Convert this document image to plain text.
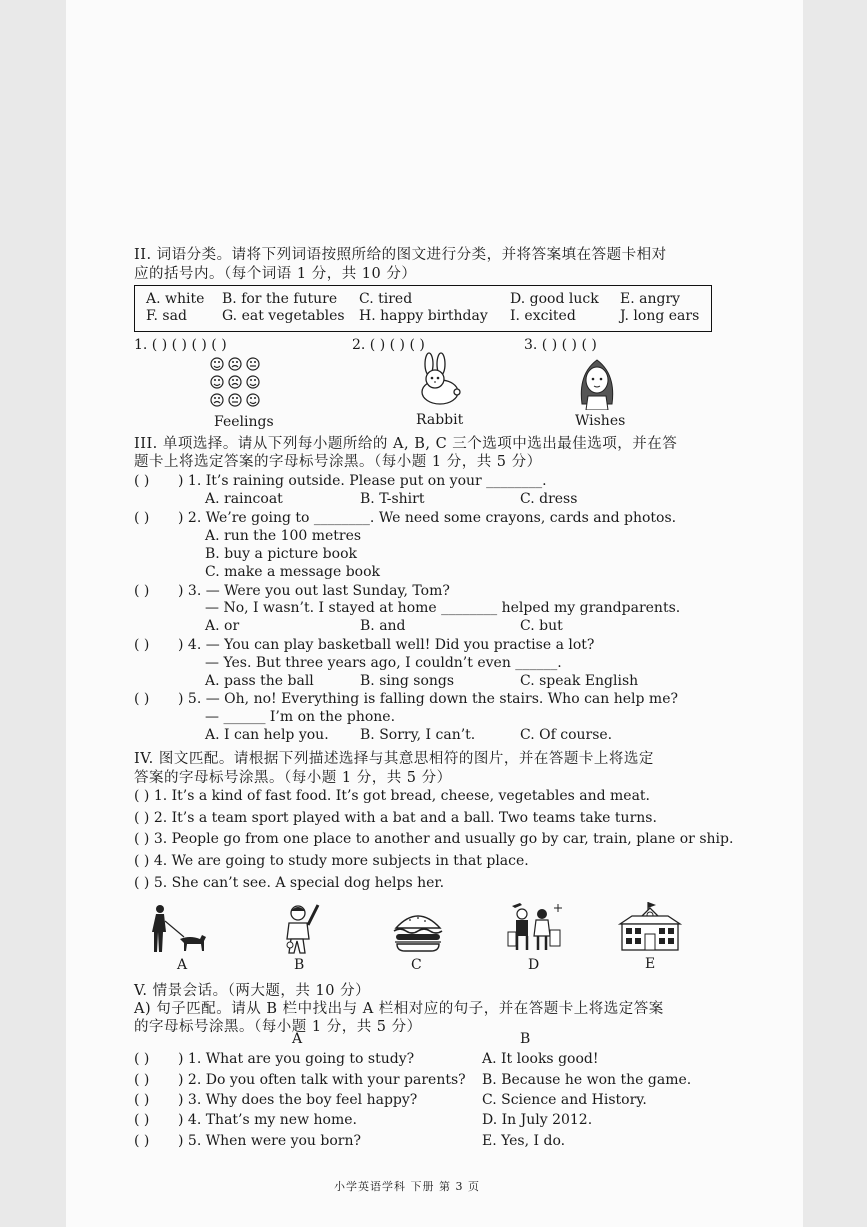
II. 词语分类。请将下列词语按照所给的图文进行分类，并将答案填在答题卡相对
应的括号内。（每个词语 1 分，共 10 分）
A. white B. for the future C. tired	D. good luck E. angry
F. sad	G. eat vegetables H. happy birthday I. excited	J. long ears
1. ( ) ( ) ( ) ( )	2. ( ) ( ) ( )	3. ( ) ( ) ( )
Feelings	Rabbit	Wishes
III. 单项选择。请从下列每小题所给的 A, B, C 三个选项中选出最佳选项，并在答
题卡上将选定答案的字母标号涂黑。（每小题 1 分，共 5 分）
( ) ) 1. It’s raining outside. Please put on your ________.
A. raincoat	B. T-shirt	C. dress
( ) ) 2. We’re going to ________. We need some crayons, cards and photos.
A. run the 100 metres
B. buy a picture book
C. make a message book
( ) ) 3. — Were you out last Sunday, Tom?
— No, I wasn’t. I stayed at home ________ helped my grandparents.
A. or	B. and	C. but
( ) ) 4. — You can play basketball well! Did you practise a lot?
— Yes. But three years ago, I couldn’t even ______.
A. pass the ball	B. sing songs	C. speak English
( ) ) 5. — Oh, no! Everything is falling down the stairs. Who can help me?
— ______ I’m on the phone.
A. I can help you. B. Sorry, I can’t.	C. Of course.
IV. 图文匹配。请根据下列描述选择与其意思相符的图片，并在答题卡上将选定
答案的字母标号涂黑。（每小题 1 分，共 5 分）
( ) 1. It’s a kind of fast food. It’s got bread, cheese, vegetables and meat.
( ) 2. It’s a team sport played with a bat and a ball. Two teams take turns.
( ) 3. People go from one place to another and usually go by car, train, plane or ship.
( ) 4. We are going to study more subjects in that place.
( ) 5. She can’t see. A special dog helps her.
A	B	C	D	E
V. 情景会话。（两大题，共 10 分）
A) 句子匹配。请从 B 栏中找出与 A 栏相对应的句子，并在答题卡上将选定答案
的字母标号涂黑。（每小题 1 分，共 5 分）
A	B
( ) ) 1. What are you going to study?	A. It looks good!
( ) ) 2. Do you often talk with your parents? B. Because he won the game.
( ) ) 3. Why does the boy feel happy?	C. Science and History.
( ) ) 4. That’s my new home.	D. In July 2012.
( ) ) 5. When were you born?	E. Yes, I do.
小学英语学科 下册 第 3 页
